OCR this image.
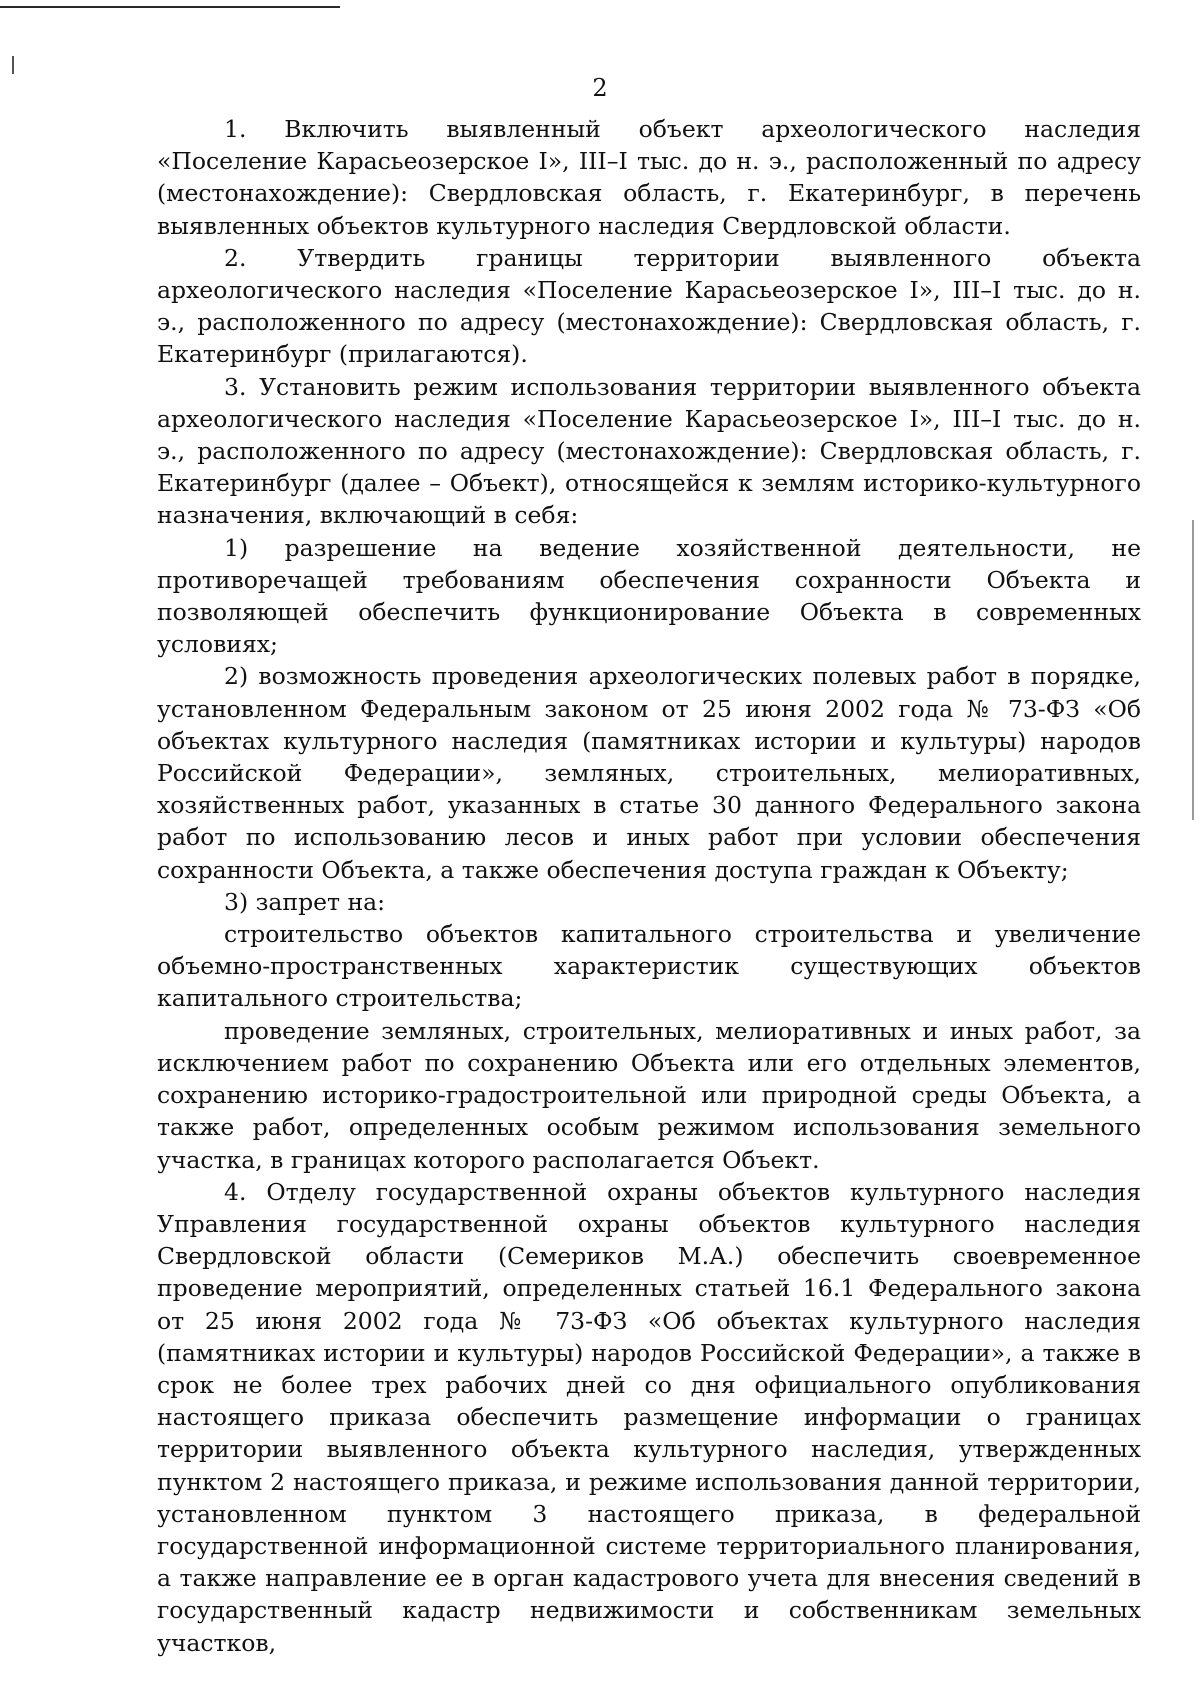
2

1. Включить выявленный объект археологического наследия «Поселение Карасьеозерское I», III–I тыс. до н. э., расположенный по адресу (местонахождение): Свердловская область, г. Екатеринбург, в перечень выявленных объектов культурного наследия Свердловской области.

2. Утвердить границы территории выявленного объекта археологического наследия «Поселение Карасьеозерское I», III–I тыс. до н. э., расположенного по адресу (местонахождение): Свердловская область, г. Екатеринбург (прилагаются).

3. Установить режим использования территории выявленного объекта археологического наследия «Поселение Карасьеозерское I», III–I тыс. до н. э., расположенного по адресу (местонахождение): Свердловская область, г. Екатеринбург (далее – Объект), относящейся к землям историко-культурного назначения, включающий в себя:

1) разрешение на ведение хозяйственной деятельности, не противоречащей требованиям обеспечения сохранности Объекта и позволяющей обеспечить функционирование Объекта в современных условиях;

2) возможность проведения археологических полевых работ в порядке, установленном Федеральным законом от 25 июня 2002 года № 73-ФЗ «Об объектах культурного наследия (памятниках истории и культуры) народов Российской Федерации», земляных, строительных, мелиоративных, хозяйственных работ, указанных в статье 30 данного Федерального закона работ по использованию лесов и иных работ при условии обеспечения сохранности Объекта, а также обеспечения доступа граждан к Объекту;

3) запрет на:

строительство объектов капитального строительства и увеличение объемно-пространственных характеристик существующих объектов капитального строительства;

проведение земляных, строительных, мелиоративных и иных работ, за исключением работ по сохранению Объекта или его отдельных элементов, сохранению историко-градостроительной или природной среды Объекта, а также работ, определенных особым режимом использования земельного участка, в границах которого располагается Объект.

4. Отделу государственной охраны объектов культурного наследия Управления государственной охраны объектов культурного наследия Свердловской области (Семериков М.А.) обеспечить своевременное проведение мероприятий, определенных статьей 16.1 Федерального закона от 25 июня 2002 года № 73-ФЗ «Об объектах культурного наследия (памятниках истории и культуры) народов Российской Федерации», а также в срок не более трех рабочих дней со дня официального опубликования настоящего приказа обеспечить размещение информации о границах территории выявленного объекта культурного наследия, утвержденных пунктом 2 настоящего приказа, и режиме использования данной территории, установленном пунктом 3 настоящего приказа, в федеральной государственной информационной системе территориального планирования, а также направление ее в орган кадастрового учета для внесения сведений в государственный кадастр недвижимости и собственникам земельных участков,
